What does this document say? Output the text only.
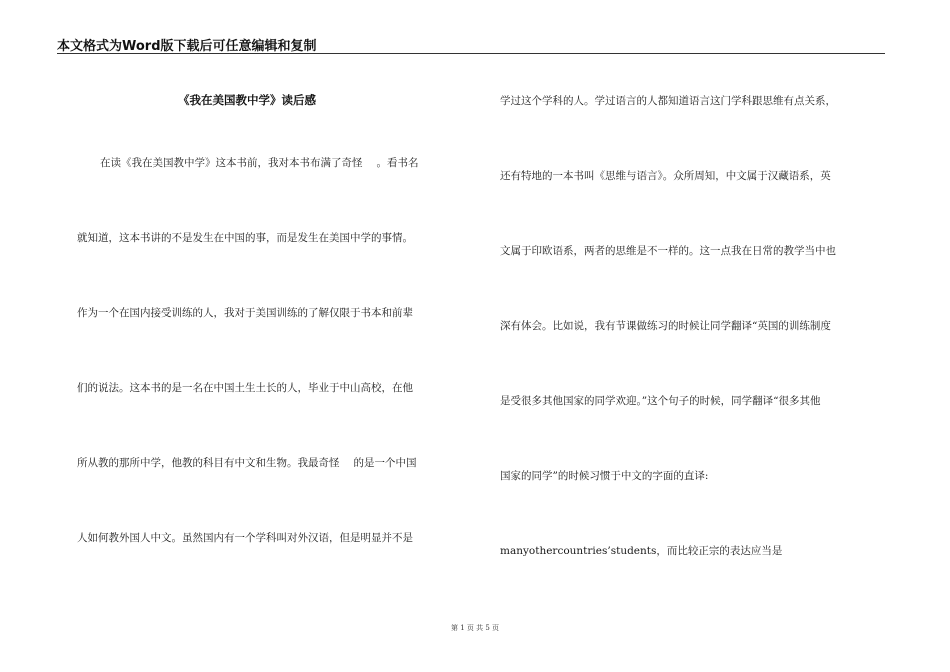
本文格式为Word版下载后可任意编辑和复制
《我在美国教中学》读后感
在读《我在美国教中学》这本书前，我对本书布满了奇怪 。看书名
就知道，这本书讲的不是发生在中国的事，而是发生在美国中学的事情。
作为一个在国内接受训练的人，我对于美国训练的了解仅限于书本和前辈
们的说法。这本书的是一名在中国土生土长的人，毕业于中山高校，在他
所从教的那所中学，他教的科目有中文和生物。我最奇怪 的是一个中国
人如何教外国人中文。虽然国内有一个学科叫对外汉语，但是明显并不是
学过这个学科的人。学过语言的人都知道语言这门学科跟思维有点关系，
还有特地的一本书叫《思维与语言》。众所周知，中文属于汉藏语系，英
文属于印欧语系，两者的思维是不一样的。这一点我在日常的教学当中也
深有体会。比如说，我有节课做练习的时候让同学翻译“英国的训练制度
是受很多其他国家的同学欢迎。”这个句子的时候，同学翻译“很多其他
国家的同学”的时候习惯于中文的字面的直译:
manyothercountries’students，而比较正宗的表达应当是
第 1 页 共 5 页
